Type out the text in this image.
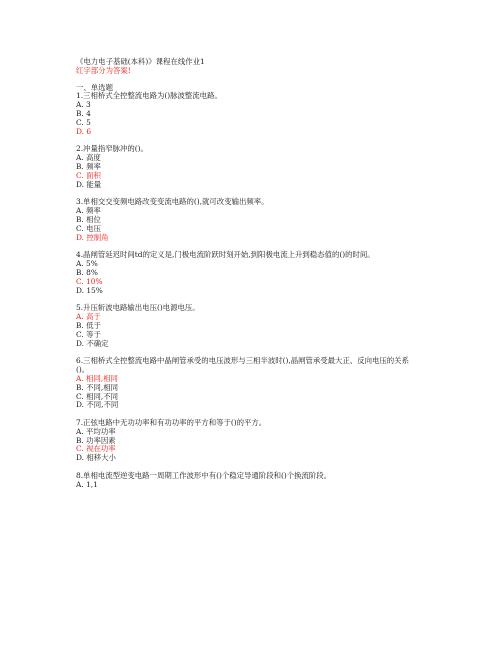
《电力电子基础(本科)》课程在线作业1
红字部分为答案!
一、单选题
1.三相桥式全控整流电路为()脉波整流电路。
A. 3
B. 4
C. 5
D. 6
2.冲量指窄脉冲的()。
A. 高度
B. 频率
C. 面积
D. 能量
3.单相交交变频电路改变变流电路的(),就可改变输出频率。
A. 频率
B. 相位
C. 电压
D. 控制角
4.晶闸管延迟时间td的定义是,门极电流阶跃时刻开始,到阳极电流上升到稳态值的()的时间。
A. 5%
B. 8%
C. 10%
D. 15%
5.升压斩波电路输出电压()电源电压。
A. 高于
B. 低于
C. 等于
D. 不确定
6.三相桥式全控整流电路中晶闸管承受的电压波形与三相半波时(),晶闸管承受最大正、反向电压的关系()。
A. 相同,相同
B. 不同,相同
C. 相同,不同
D. 不同,不同
7.正弦电路中无功功率和有功功率的平方和等于()的平方。
A. 平均功率
B. 功率因素
C. 视在功率
D. 相移大小
8.单相电流型逆变电路一周期工作波形中有()个稳定导通阶段和()个换流阶段。
A. 1,1
